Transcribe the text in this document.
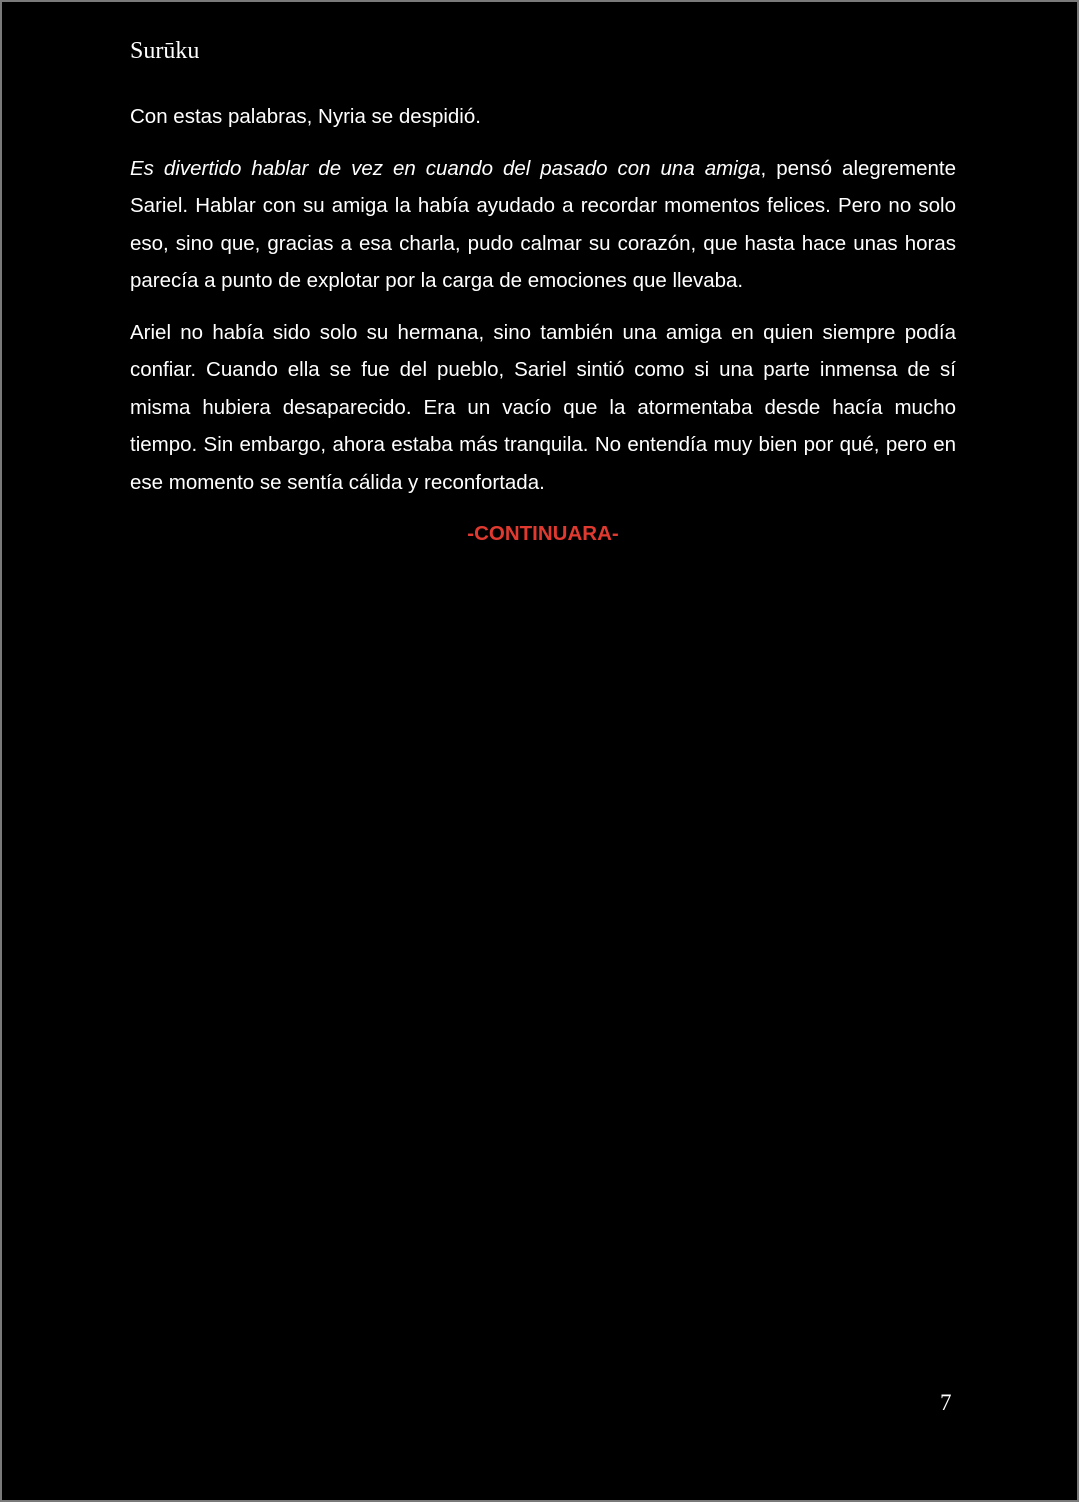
Surūku

Con estas palabras, Nyria se despidió.

Es divertido hablar de vez en cuando del pasado con una amiga, pensó alegremente Sariel. Hablar con su amiga la había ayudado a recordar momentos felices. Pero no solo eso, sino que, gracias a esa charla, pudo calmar su corazón, que hasta hace unas horas parecía a punto de explotar por la carga de emociones que llevaba.

Ariel no había sido solo su hermana, sino también una amiga en quien siempre podía confiar. Cuando ella se fue del pueblo, Sariel sintió como si una parte inmensa de sí misma hubiera desaparecido. Era un vacío que la atormentaba desde hacía mucho tiempo. Sin embargo, ahora estaba más tranquila. No entendía muy bien por qué, pero en ese momento se sentía cálida y reconfortada.

-CONTINUARA-
7
